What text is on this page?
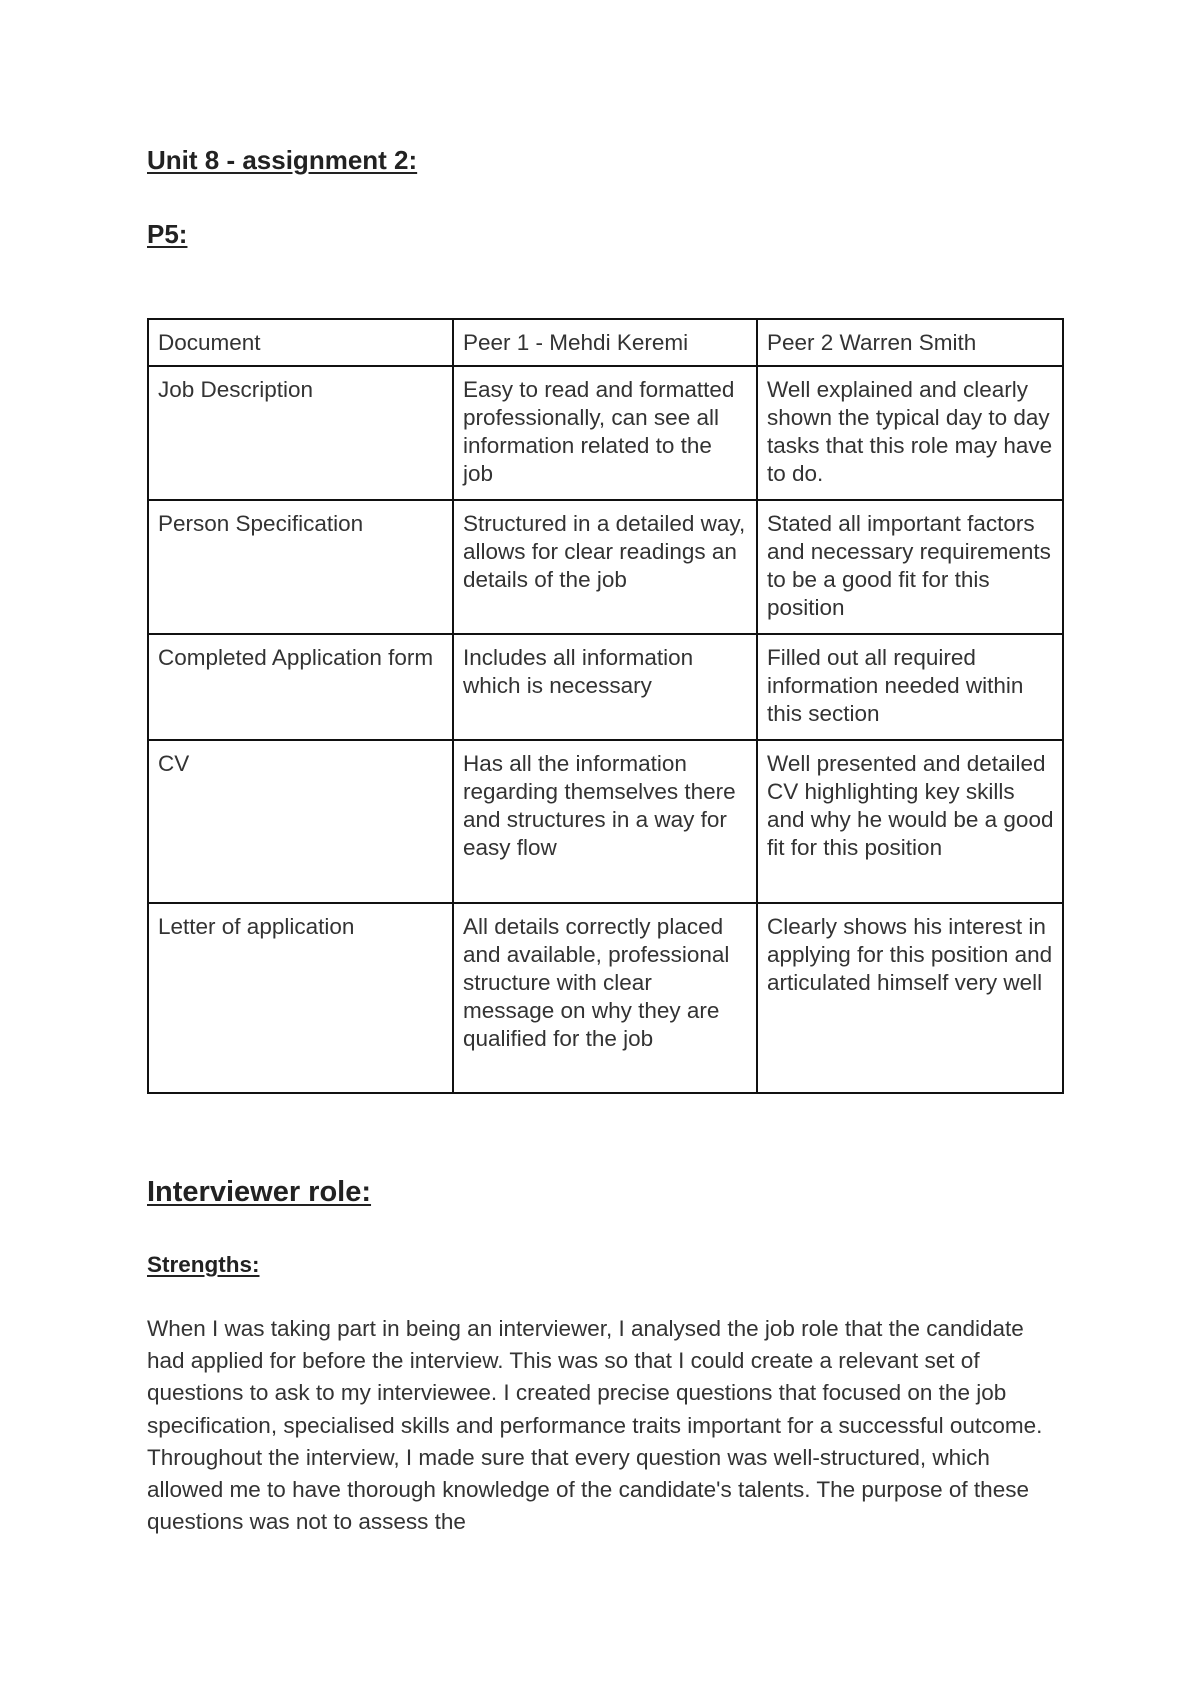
Unit 8 - assignment 2:
P5:
Document	Peer 1 - Mehdi Keremi	Peer 2 Warren Smith
Job Description	Easy to read and formatted professionally, can see all information related to the job	Well explained and clearly shown the typical day to day tasks that this role may have to do.
Person Specification	Structured in a detailed way, allows for clear readings an details of the job	Stated all important factors and necessary requirements to be a good fit for this position
Completed Application form	Includes all information which is necessary	Filled out all required information needed within this section
CV	Has all the information regarding themselves there and structures in a way for easy flow	Well presented and detailed CV highlighting key skills and why he would be a good fit for this position
Letter of application	All details correctly placed and available, professional structure with clear message on why they are qualified for the job	Clearly shows his interest in applying for this position and articulated himself very well
Interviewer role:
Strengths:

When I was taking part in being an interviewer, I analysed the job role that the candidate had applied for before the interview. This was so that I could create a relevant set of questions to ask to my interviewee. I created precise questions that focused on the job specification, specialised skills and performance traits important for a successful outcome. Throughout the interview, I made sure that every question was well-structured, which allowed me to have thorough knowledge of the candidate's talents. The purpose of these questions was not to assess the
